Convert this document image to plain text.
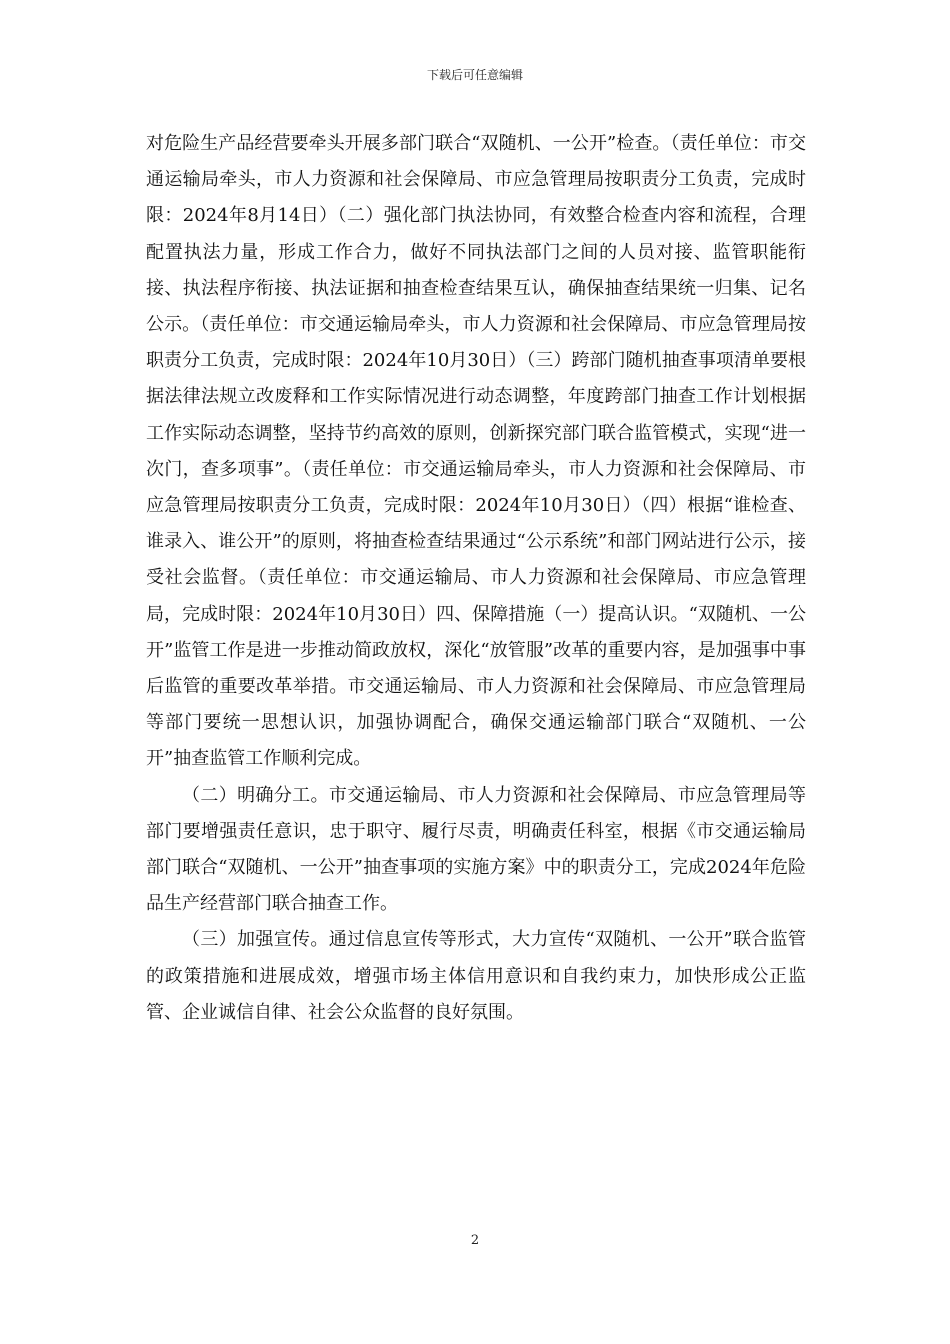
下载后可任意编辑

对危险生产品经营要牵头开展多部门联合“双随机、一公开”检查。（责任单位：市交通运输局牵头，市人力资源和社会保障局、市应急管理局按职责分工负责，完成时限：2024年8月14日）（二）强化部门执法协同，有效整合检查内容和流程，合理配置执法力量，形成工作合力，做好不同执法部门之间的人员对接、监管职能衔接、执法程序衔接、执法证据和抽查检查结果互认，确保抽查结果统一归集、记名公示。（责任单位：市交通运输局牵头，市人力资源和社会保障局、市应急管理局按职责分工负责，完成时限：2024年10月30日）（三）跨部门随机抽查事项清单要根据法律法规立改废释和工作实际情况进行动态调整，年度跨部门抽查工作计划根据工作实际动态调整，坚持节约高效的原则，创新探究部门联合监管模式，实现“进一次门，查多项事”。（责任单位：市交通运输局牵头，市人力资源和社会保障局、市应急管理局按职责分工负责，完成时限：2024年10月30日）（四）根据“谁检查、谁录入、谁公开”的原则，将抽查检查结果通过“公示系统”和部门网站进行公示，接受社会监督。（责任单位：市交通运输局、市人力资源和社会保障局、市应急管理局，完成时限：2024年10月30日）四、保障措施（一）提高认识。“双随机、一公开”监管工作是进一步推动简政放权，深化“放管服”改革的重要内容，是加强事中事后监管的重要改革举措。市交通运输局、市人力资源和社会保障局、市应急管理局等部门要统一思想认识，加强协调配合，确保交通运输部门联合“双随机、一公开”抽查监管工作顺利完成。

（二）明确分工。市交通运输局、市人力资源和社会保障局、市应急管理局等部门要增强责任意识，忠于职守、履行尽责，明确责任科室，根据《市交通运输局部门联合“双随机、一公开”抽查事项的实施方案》中的职责分工，完成2024年危险品生产经营部门联合抽查工作。

（三）加强宣传。通过信息宣传等形式，大力宣传“双随机、一公开”联合监管的政策措施和进展成效，增强市场主体信用意识和自我约束力，加快形成公正监管、企业诚信自律、社会公众监督的良好氛围。

2
